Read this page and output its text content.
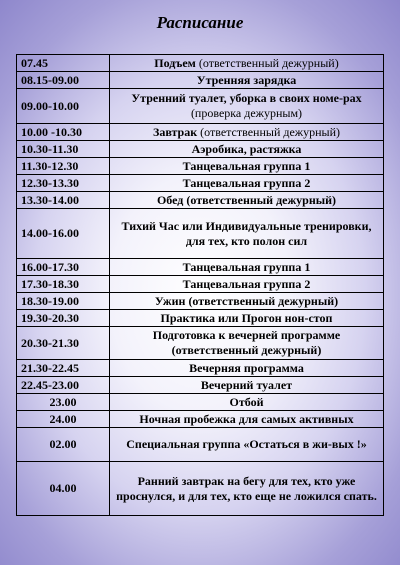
Расписание
07.45	Подъем (ответственный дежурный)
08.15-09.00	Утренняя зарядка
09.00-10.00	Утренний туалет, уборка в своих номе-рах (проверка дежурным)
10.00 -10.30	Завтрак (ответственный дежурный)
10.30-11.30	Аэробика, растяжка
11.30-12.30	Танцевальная группа 1
12.30-13.30	Танцевальная группа 2
13.30-14.00	Обед (ответственный дежурный)
14.00-16.00	Тихий Час или Индивидуальные тренировки, для тех, кто полон сил
16.00-17.30	Танцевальная группа 1
17.30-18.30	Танцевальная группа 2
18.30-19.00	Ужин (ответственный дежурный)
19.30-20.30	Практика или Прогон нон-стоп
20.30-21.30	Подготовка к вечерней программе (ответственный дежурный)
21.30-22.45	Вечерняя программа
22.45-23.00	Вечерний туалет
23.00	Отбой
24.00	Ночная пробежка для самых активных
02.00	Специальная группа «Остаться в жи-вых !»
04.00	Ранний завтрак на бегу для тех, кто уже проснулся, и для тех, кто еще не ложился спать.
